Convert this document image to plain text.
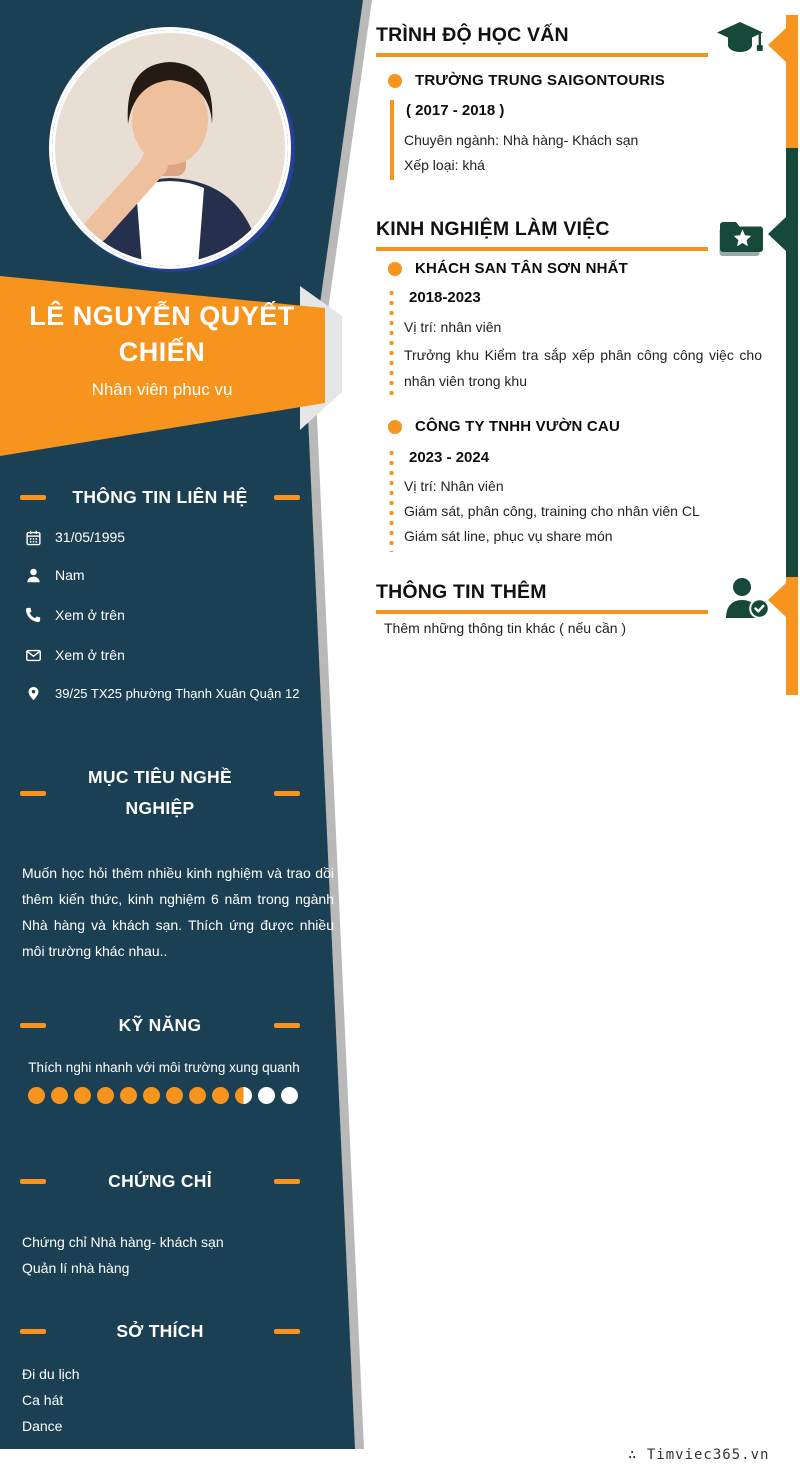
LÊ NGUYỄN QUYẾT CHIẾN
Nhân viên phục vụ
THÔNG TIN LIÊN HỆ
31/05/1995
Nam
Xem ở trên
Xem ở trên
39/25 TX25 phường Thạnh Xuân Quận 12
MỤC TIÊU NGHỀ NGHIỆP
Muốn học hỏi thêm nhiều kinh nghiệm và trao dồi thêm kiến thức, kinh nghiệm 6 năm trong ngành Nhà hàng và khách sạn. Thích ứng được nhiều môi trường khác nhau..
KỸ NĂNG
Thích nghi nhanh với môi trường xung quanh
CHỨNG CHỈ
Chứng chỉ Nhà hàng- khách sạn
Quản lí nhà hàng
SỞ THÍCH
Đi du lịch
Ca hát
Dance
TRÌNH ĐỘ HỌC VẤN
TRƯỜNG TRUNG SAIGONTOURIS
( 2017 - 2018 )
Chuyên ngành: Nhà hàng- Khách sạn
Xếp loại: khá
KINH NGHIỆM LÀM VIỆC
KHÁCH SAN TÂN SƠN NHẤT
2018-2023
Vị trí: nhân viên
Trưởng khu Kiểm tra sắp xếp phân công công việc cho nhân viên trong khu
CÔNG TY TNHH VƯỜN CAU
2023 - 2024
Vị trí: Nhân viên
Giám sát, phân công, training cho nhân viên CL
Giám sát line, phục vụ share món
THÔNG TIN THÊM
Thêm những thông tin khác ( nếu cần )
∴ Timviec365.vn
